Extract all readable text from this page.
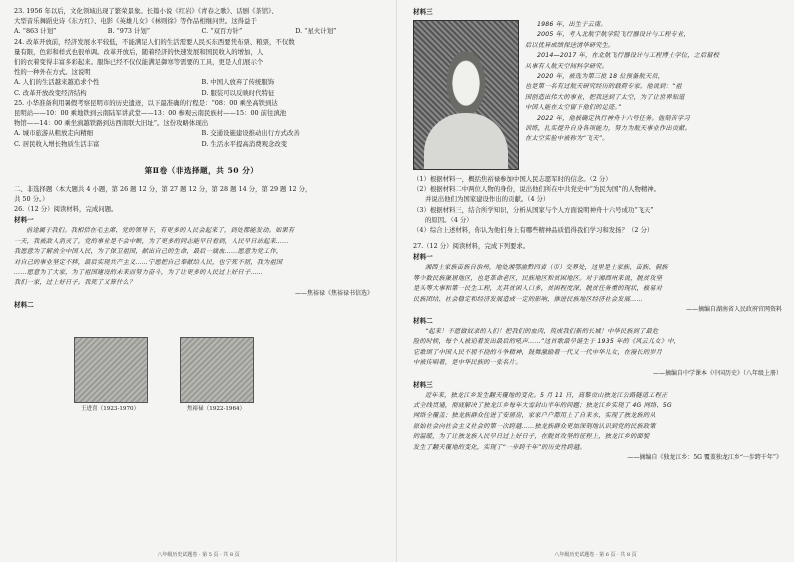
23. 1956 年以后，文化领域出现了繁荣景象。长篇小说《红岩》《青春之歌》、话剧《茶馆》、
大型音乐舞蹈史诗《东方红》、电影《英雄儿女》《林则徐》等作品相继问世。这得益于
A. “863 计划”	B. “973 计划”	C. “双百方针”	D. “星火计划”
24. 改革开放前，经济发展水平较低，不能满足人们的生活需要人民买东西要凭布票、粮票，不仅数
量有限，色彩和样式也很单调。改革开放后，随着经济的快速发展和国民收入的增加，人
们的衣着变得丰富多彩起来。服饰已经不仅仅能满足御寒等需要的工具，更是人们展示个
性的一种外在方式。这说明
A. 人们的生活越来越追求个性	B. 中国人放弃了传统服饰
C. 改革开放改变经济结构	D. 服装可以反映时代特征
25. 小华准备利用暑假考察昆明市的历史遗迹，以下最准确的行程是：“08：00 乘坐高铁到达
昆明站——10：00 乘地铁到云南陆军讲武堂——13：00 参观云南民族村——15：00 前往滇池
物馆——14：00 乘坐滇越铁路到达西南联大旧址”。这份攻略体现出
A. 城市旅游从粗放走向精细	B. 交通设施建设推动出行方式改善
C. 居民收入增长物质生活丰富	D. 生活水平提高消费观念改变
第Ⅱ卷（非选择题，共 50 分）
二、非选择题（本大题共 4 小题，第 26 题 12 分，第 27 题 12 分，第 28 题 14 分，第 29 题 12 分，
共 50 分。）
26.（12 分）阅读材料，完成问题。
材料一
前途属于我们。我相信在毛主席、党的领导下，有更多的人民会起来了，到处都能发动。如果有
一天，我被敌人消灭了，党的事业是不会中断，为了更多的同志能早日看到，人民早日站起来……
我愿意为了解放全中国人民，为了保卫祖国，献出自己的生命，最后一滴血……愿意为党工作，
对自己的事业坚定不移，最后实现共产主义……宁愿把自己奉献给人民，也宁死不屈，我为祖国
……愿意为了大家，为了祖国建设的未来而努力奋斗，为了让更多的人民过上好日子……
我们一家，过上好日子。我死了又算什么？
——焦裕禄《焦裕禄书信选》
材料二
王进喜（1923-1970）	焦裕禄（1922-1964）
八年级历史试题卷 · 第 5 页 · 共 8 页
材料三
1986 年，出生于云南。
2005 年，考入北航宇航学院飞行器设计与工程专业，
后以优异成绩保送清华研究生。
2014—2017 年，在北航飞行器设计与工程博士学位，之后留校
从事有人航天空间科学研究。
2020 年，被选为第三批 18 位预备航天员，
也是第一名有过航天研究经历的载荷专家。他说到：“祖
国创造出伟大的事业，把我送到了太空，为了让世界知道
中国人能在太空留下他们的足迹。”
2022 年，他被确定执行神舟十六号任务。他刻苦学习
训练，扎实提升自身各项能力，努力为航天事业作出贡献。
在太空实验中被称为“飞天”。
（1）根据材料一，概括焦裕禄参加中国人民志愿军时的信念。（2 分）
（2）根据材料二中两位人物的身份，说出他们所在中共党史中“为民为国”的人物精神。
并说出他们为国家建设作出的贡献。（4 分）
（3）根据材料三，结合所学知识，分析从国家与个人方面说明神舟十六号成功“飞天”
的原因。（4 分）
（4）综合上述材料，你认为他们身上有哪些精神品质值得我们学习和发扬？（2 分）
27.（12 分）阅读材料，完成下列要求。
材料一
湘西土家族苗族自治州，地处湘鄂渝黔四省（市）交界处，这里是土家族、苗族、侗族
等少数民族聚居地区，也是革命老区，民族地区和贫困地区。对于湘西州来说，脱贫攻坚
是头等大事和第一民生工程，尤其贫困人口多，贫困程度深，脱贫任务重的现状，极易对
民族团结、社会稳定和经济发展造成一定的影响，推进民族地区经济社会发展……
——摘编自湖南省人民政府官网资料
材料二
“起来！不愿做奴隶的人们！把我们的血肉，筑成我们新的长城！中华民族到了最危
险的时候，每个人被迫着发出最后的吼声……”这首歌最早诞生于 1935 年的《风云儿女》中，
它歌颂了中国人民不屈不挠的斗争精神，鼓舞激励着一代又一代中华儿女，在漫长的岁月
中被传唱着，是中华民族的一张名片。
——摘编自中学课本《中国历史》（八年级上册）
材料三
近年来，独龙江乡发生翻天覆地的变化。5 月 11 日，高黎贡山独龙江公路隧道工程正
式全线贯通，彻底解决了独龙江乡每年大雪封山半年的问题；独龙江乡实现了 4G 网络、5G
网络全覆盖；独龙族群众住进了安居房，家家户户都用上了自来水，实现了独龙族的从
原始社会向社会主义社会的第一次跨越……独龙族群众更加深刻地认识到党的民族政策
的温暖，为了让独龙族人民早日过上好日子，在脱贫攻坚的征程上，独龙江乡的面貌
发生了翻天覆地的变化，实现了“一步跨千年”的历史性跨越。
——摘编自《独龙江乡：5G 覆盖独龙江乡“一步跨千年”》
八年级历史试题卷 · 第 6 页 · 共 8 页
